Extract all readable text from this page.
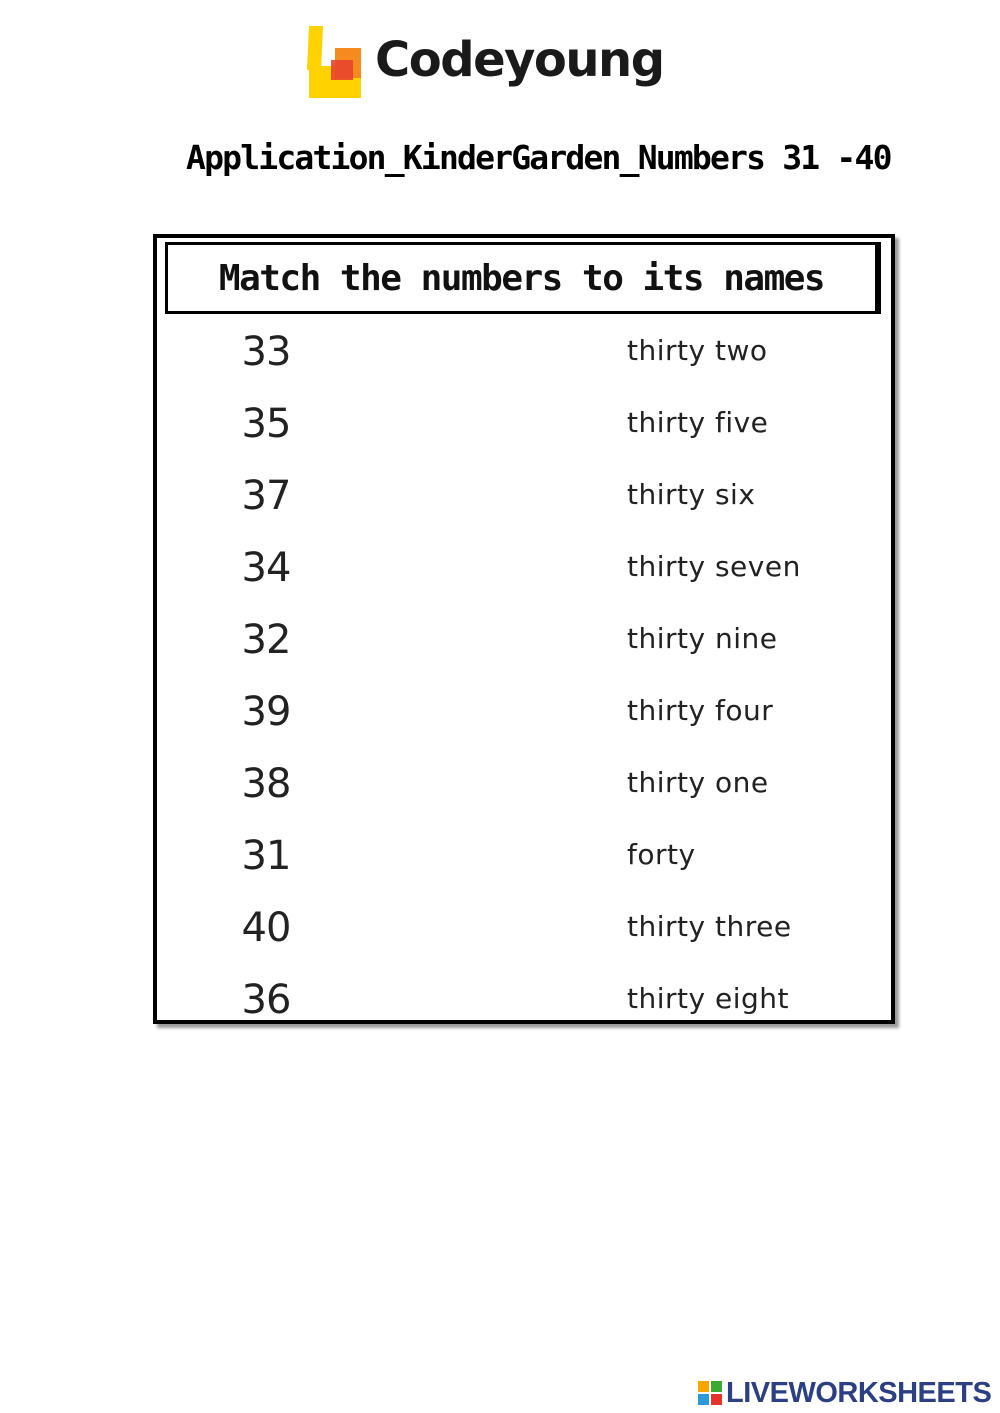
Codeyoung
Application_KinderGarden_Numbers 31 -40
Match the numbers to its names
33	thirty two
35	thirty five
37	thirty six
34	thirty seven
32	thirty nine
39	thirty four
38	thirty one
31	forty
40	thirty three
36	thirty eight
LIVEWORKSHEETS
